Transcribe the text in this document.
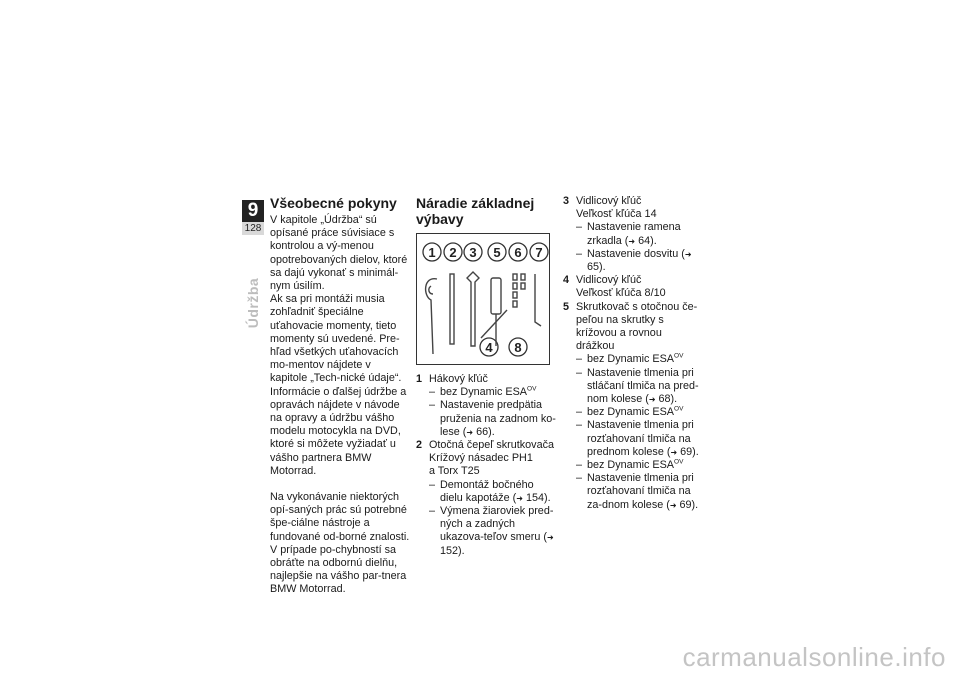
9
128
Údržba
Všeobecné pokyny

V kapitole „Údržba“ sú opísané práce súvisiace s kontrolou a vý-menou opotrebovaných dielov, ktoré sa dajú vykonať s minimál-nym úsilím.

Ak sa pri montáži musia zohľadniť špeciálne uťahovacie momenty, tieto momenty sú uvedené. Pre-hľad všetkých uťahovacích mo-mentov nájdete v kapitole „Tech-nické údaje“.

Informácie o ďalšej údržbe a opravách nájdete v návode na opravy a údržbu vášho modelu motocykla na DVD, ktoré si môžete vyžiadať u vášho partnera BMW Motorrad.

Na vykonávanie niektorých opí-saných prác sú potrebné špe-ciálne nástroje a fundované od-borné znalosti. V prípade po-chybností sa obráťte na odbornú dielňu, najlepšie na vášho par-tnera BMW Motorrad.

Náradie základnej výbavy
1 2 3 5 6 7
4 8
1 Hákový kľúč
– bez Dynamic $ESA^{OV}$
– Nastavenie predpätia pruženia na zadnom ko-lese (➜ 66).
2 Otočná čepeľ skrutkovača
Krížový násadec PH1
a Torx T25
– Demontáž bočného dielu kapotáže (➜ 154).
– Výmena žiaroviek pred-ných a zadných ukazova-teľov smeru (➜ 152).
3 Vidlicový kľúč
Veľkosť kľúča 14
– Nastavenie ramena zrkadla (➜ 64).
– Nastavenie dosvitu (➜ 65).
4 Vidlicový kľúč
Veľkosť kľúča 8/10
5 Skrutkovač s otočnou če-peľou na skrutky s krížovou a rovnou drážkou
– bez Dynamic $ESA^{OV}$
– Nastavenie tlmenia pri stláčaní tlmiča na pred-nom kolese (➜ 68).
– bez Dynamic $ESA^{OV}$
– Nastavenie tlmenia pri rozťahovaní tlmiča na prednom kolese (➜ 69).
– bez Dynamic $ESA^{OV}$
– Nastavenie tlmenia pri rozťahovaní tlmiča na za-dnom kolese (➜ 69).
carmanualsonline.info
